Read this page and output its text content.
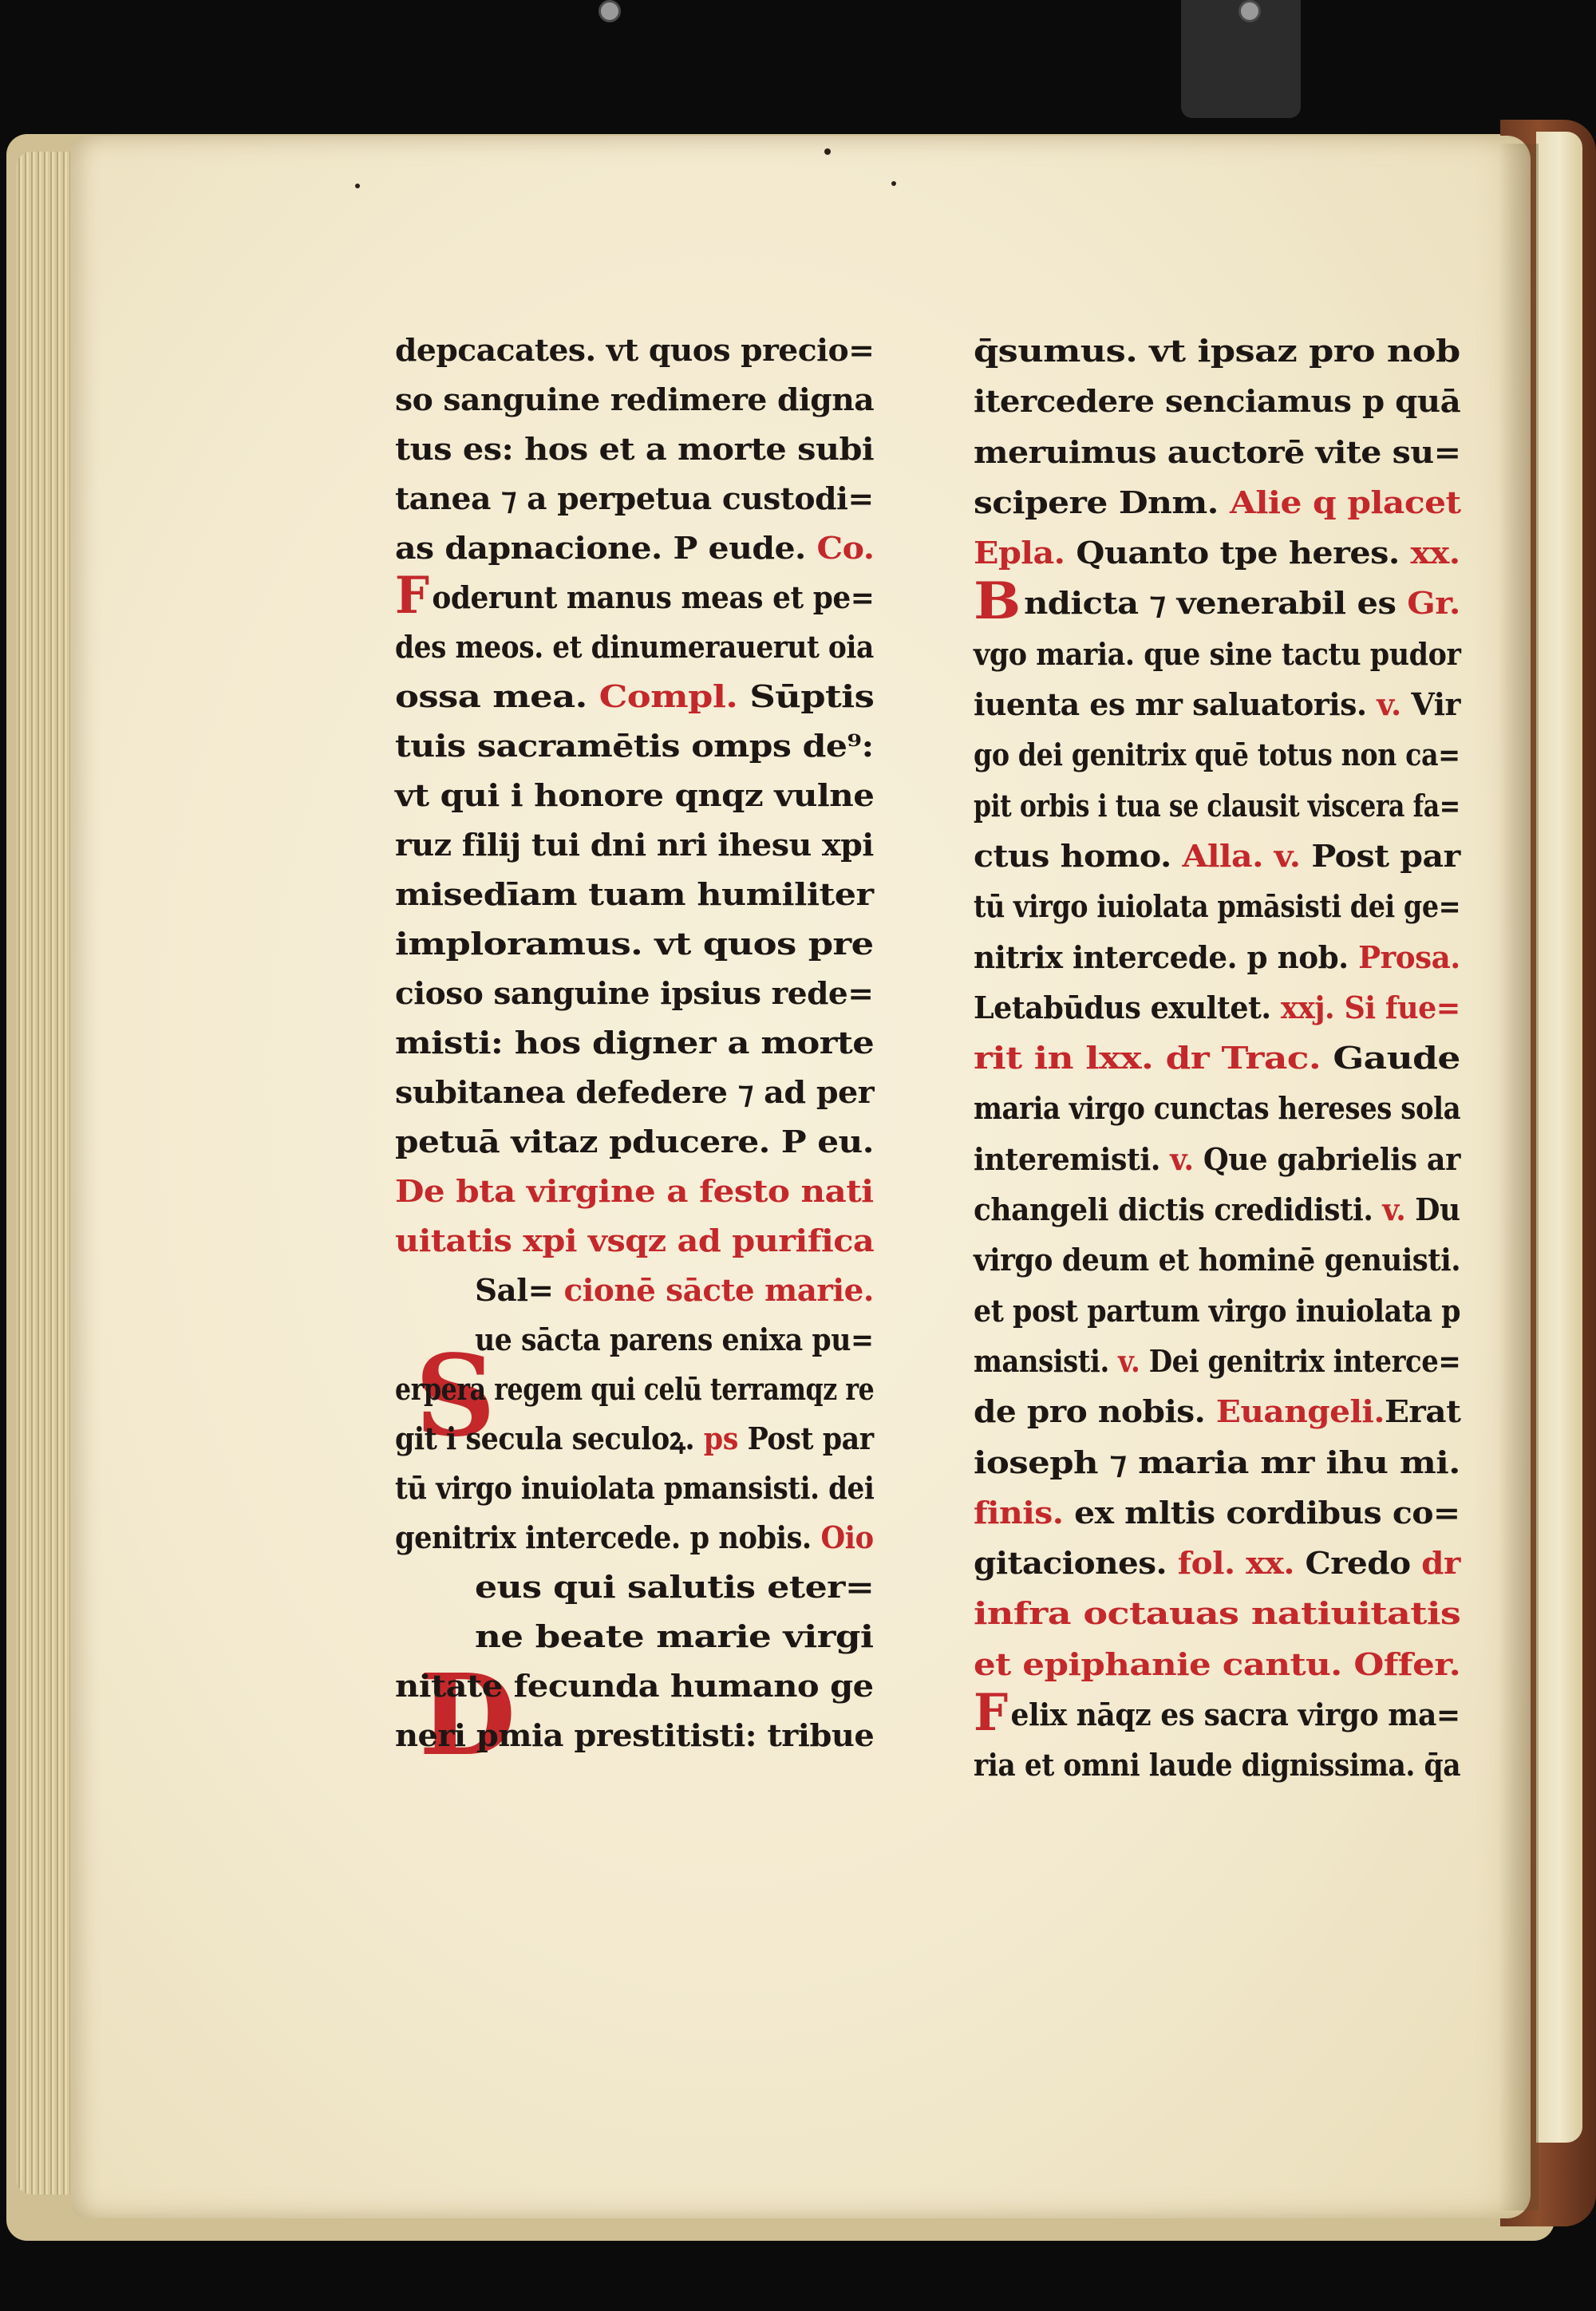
S
D
depcacates. vt quos precio=
so sanguine redimere digna
tus es: hos et a morte subi
tanea ⁊ a perpetua custodi=
as dapnacione. P eude. Co.
Foderunt manus meas et pe=
des meos. et dinumerauerut oia
ossa mea. Compl. Sūptis
tuis sacramētis omps de⁹:
vt qui i honore qnqz vulne
ruz filij tui dni nri ihesu xpi
misedīam tuam humiliter
imploramus. vt quos pre
cioso sanguine ipsius rede=
misti: hos digner a morte
subitanea defedere ⁊ ad per
petuā vitaz pducere. P eu.
De bta virgine a festo nati
uitatis xpi vsqz ad purifica
Sal= cionē sācte marie.
ue sācta parens enixa pu=
erpera regem qui celū terramqz re
git i secula seculoꝝ. ps Post par
tū virgo inuiolata pmansisti. dei
genitrix intercede. p nobis. Oio
eus qui salutis eter=
ne beate marie virgi
nitate fecunda humano ge
neri pmia prestitisti: tribue
q̄sumus. vt ipsaz pro nob
itercedere senciamus p quā
meruimus auctorē vite su=
scipere Dnm. Alie q placet
Epla. Quanto tpe heres. xx.
B ndicta ⁊ venerabil es Gr.
vgo maria. que sine tactu pudor
iuenta es mr saluatoris. v. Vir
go dei genitrix quē totus non ca=
pit orbis i tua se clausit viscera fa=
ctus homo. Alla. v. Post par
tū virgo iuiolata pmāsisti dei ge=
nitrix intercede. p nob. Prosa.
Letabūdus exultet. xxj. Si fue=
rit in lxx. dr Trac. Gaude
maria virgo cunctas hereses sola
interemisti. v. Que gabrielis ar
changeli dictis credidisti. v. Du
virgo deum et hominē genuisti.
et post partum virgo inuiolata p
mansisti. v. Dei genitrix interce=
de pro nobis. Euangeli.Erat
ioseph ⁊ maria mr ihu mi.
finis. ex mltis cordibus co=
gitaciones. fol. xx. Credo dr
infra octauas natiuitatis
et epiphanie cantu. Offer.
F elix nāqz es sacra virgo ma=
ria et omni laude dignissima. q̄a
